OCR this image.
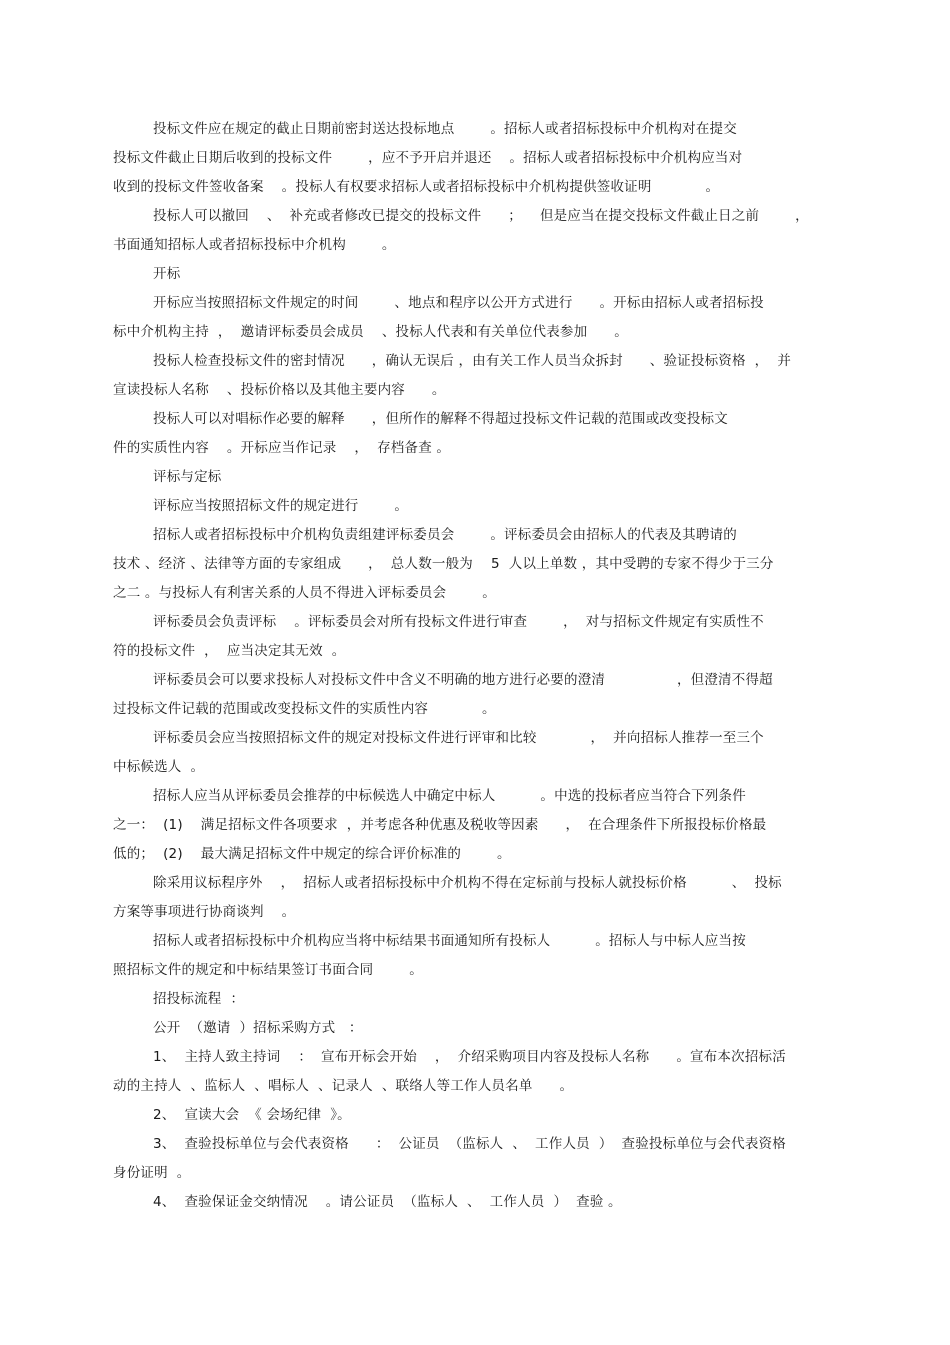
投标文件应在规定的截止日期前密封送达投标地点        。招标人或者招标投标中介机构对在提交
投标文件截止日期后收到的投标文件        ，应不予开启并退还    。招标人或者招标投标中介机构应当对
收到的投标文件签收备案    。投标人有权要求招标人或者招标投标中介机构提供签收证明            。
投标人可以撤回    、  补充或者修改已提交的投标文件      ；    但是应当在提交投标文件截止日之前        ，
书面通知招标人或者招标投标中介机构        。
开标
开标应当按照招标文件规定的时间        、地点和程序以公开方式进行      。开标由招标人或者招标投
标中介机构主持  ，  邀请评标委员会成员    、投标人代表和有关单位代表参加      。
投标人检查投标文件的密封情况      ，确认无误后 ，由有关工作人员当众拆封      、验证投标资格  ，  并
宣读投标人名称    、投标价格以及其他主要内容      。
投标人可以对唱标作必要的解释      ，但所作的解释不得超过投标文件记载的范围或改变投标文
件的实质性内容    。开标应当作记录    ，  存档备查 。
评标与定标
评标应当按照招标文件的规定进行        。
招标人或者招标投标中介机构负责组建评标委员会        。评标委员会由招标人的代表及其聘请的
技术 、经济 、法律等方面的专家组成      ，  总人数一般为    5  人以上单数 ，其中受聘的专家不得少于三分
之二 。与投标人有利害关系的人员不得进入评标委员会        。
评标委员会负责评标    。评标委员会对所有投标文件进行审查        ，  对与招标文件规定有实质性不
符的投标文件  ，  应当决定其无效  。
评标委员会可以要求投标人对投标文件中含义不明确的地方进行必要的澄清                ，但澄清不得超
过投标文件记载的范围或改变投标文件的实质性内容            。
评标委员会应当按照招标文件的规定对投标文件进行评审和比较            ，  并向招标人推荐一至三个
中标候选人  。
招标人应当从评标委员会推荐的中标候选人中确定中标人          。中选的投标者应当符合下列条件
之一：  (1)    满足招标文件各项要求  ，并考虑各种优惠及税收等因素      ，  在合理条件下所报投标价格最
低的；  (2)    最大满足招标文件中规定的综合评价标准的        。
除采用议标程序外    ，  招标人或者招标投标中介机构不得在定标前与投标人就投标价格          、  投标
方案等事项进行协商谈判    。
招标人或者招标投标中介机构应当将中标结果书面通知所有投标人          。招标人与中标人应当按
照招标文件的规定和中标结果签订书面合同        。
招投标流程  ：
公开  （邀请  ）招标采购方式   ：
1、  主持人致主持词    ：  宣布开标会开始    ，  介绍采购项目内容及投标人名称      。宣布本次招标活
动的主持人  、监标人  、唱标人  、记录人  、联络人等工作人员名单      。
2、  宣读大会  《 会场纪律  》。
3、  查验投标单位与会代表资格      ：  公证员  （监标人  、  工作人员  ）  查验投标单位与会代表资格
身份证明  。
4、  查验保证金交纳情况    。请公证员  （监标人  、  工作人员  ）  查验 。
